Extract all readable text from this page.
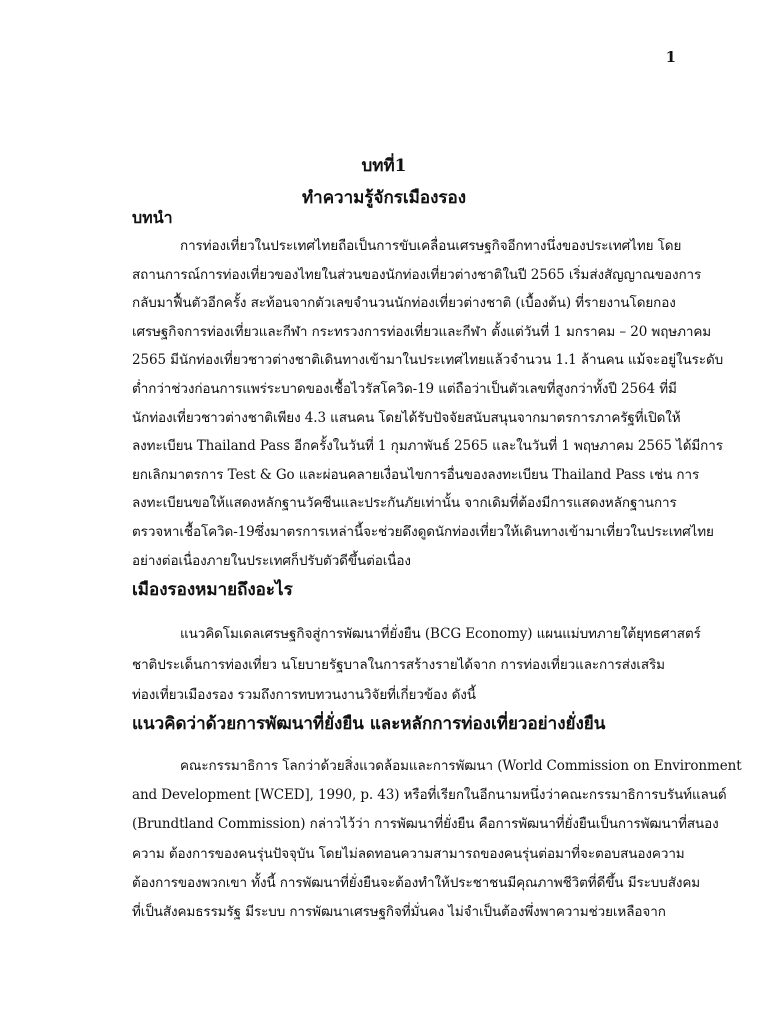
1
บทที่1
ทำความรู้จักรเมืองรอง
บทนำ
การท่องเที่ยวในประเทศไทยถือเป็นการขับเคลื่อนเศรษฐกิจอีกทางนึ่งของประเทศไทย โดย
สถานการณ์การท่องเที่ยวของไทยในส่วนของนักท่องเที่ยวต่างชาติในปี 2565 เริ่มส่งสัญญาณของการ
กลับมาฟื้นตัวอีกครั้ง สะท้อนจากตัวเลขจำนวนนักท่องเที่ยวต่างชาติ (เบื้องต้น) ที่รายงานโดยกอง
เศรษฐกิจการท่องเที่ยวและกีฬา กระทรวงการท่องเที่ยวและกีฬา ตั้งแต่วันที่ 1 มกราคม – 20 พฤษภาคม
2565 มีนักท่องเที่ยวชาวต่างชาติเดินทางเข้ามาในประเทศไทยแล้วจำนวน 1.1 ล้านคน แม้จะอยู่ในระดับ
ต่ำกว่าช่วงก่อนการแพร่ระบาดของเชื้อไวรัสโควิด-19 แต่ถือว่าเป็นตัวเลขที่สูงกว่าทั้งปี 2564 ที่มี
นักท่องเที่ยวชาวต่างชาติเพียง 4.3 แสนคน โดยได้รับปัจจัยสนับสนุนจากมาตรการภาครัฐที่เปิดให้
ลงทะเบียน Thailand Pass อีกครั้งในวันที่ 1 กุมภาพันธ์ 2565 และในวันที่ 1 พฤษภาคม 2565 ได้มีการ
ยกเลิกมาตรการ Test & Go และผ่อนคลายเงื่อนไขการอื่นของลงทะเบียน Thailand Pass เช่น การ
ลงทะเบียนขอให้แสดงหลักฐานวัคซีนและประกันภัยเท่านั้น จากเดิมที่ต้องมีการแสดงหลักฐานการ
ตรวจหาเชื้อโควิด-19ซึ่งมาตรการเหล่านี้จะช่วยดึงดูดนักท่องเที่ยวให้เดินทางเข้ามาเที่ยวในประเทศไทย
อย่างต่อเนื่องภายในประเทศก็ปรับตัวดีขึ้นต่อเนื่อง
เมืองรองหมายถึงอะไร
แนวคิดโมเดลเศรษฐกิจสู่การพัฒนาที่ยั่งยืน (BCG Economy) แผนแม่บทภายใต้ยุทธศาสตร์
ชาติประเด็นการท่องเที่ยว นโยบายรัฐบาลในการสร้างรายได้จาก การท่องเที่ยวและการส่งเสริม
ท่องเที่ยวเมืองรอง รวมถึงการทบทวนงานวิจัยที่เกี่ยวข้อง ดังนี้
แนวคิดว่าด้วยการพัฒนาที่ยั่งยืน และหลักการท่องเที่ยวอย่างยั่งยืน
คณะกรรมาธิการ โลกว่าด้วยสิ่งแวดล้อมและการพัฒนา (World Commission on Environment
and Development [WCED], 1990, p. 43) หรือที่เรียกในอีกนามหนึ่งว่าคณะกรรมาธิการบรันท์แลนด์
(Brundtland Commission) กล่าวไว้ว่า การพัฒนาที่ยั่งยืน คือการพัฒนาที่ยั่งยืนเป็นการพัฒนาที่สนอง
ความ ต้องการของคนรุ่นปัจจุบัน โดยไม่ลดทอนความสามารถของคนรุ่นต่อมาที่จะตอบสนองความ
ต้องการของพวกเขา ทั้งนี้ การพัฒนาที่ยั่งยืนจะต้องทำให้ประชาชนมีคุณภาพชีวิตที่ดีขึ้น มีระบบสังคม
ที่เป็นสังคมธรรมรัฐ มีระบบ การพัฒนาเศรษฐกิจที่มั่นคง ไม่จำเป็นต้องพึ่งพาความช่วยเหลือจาก
